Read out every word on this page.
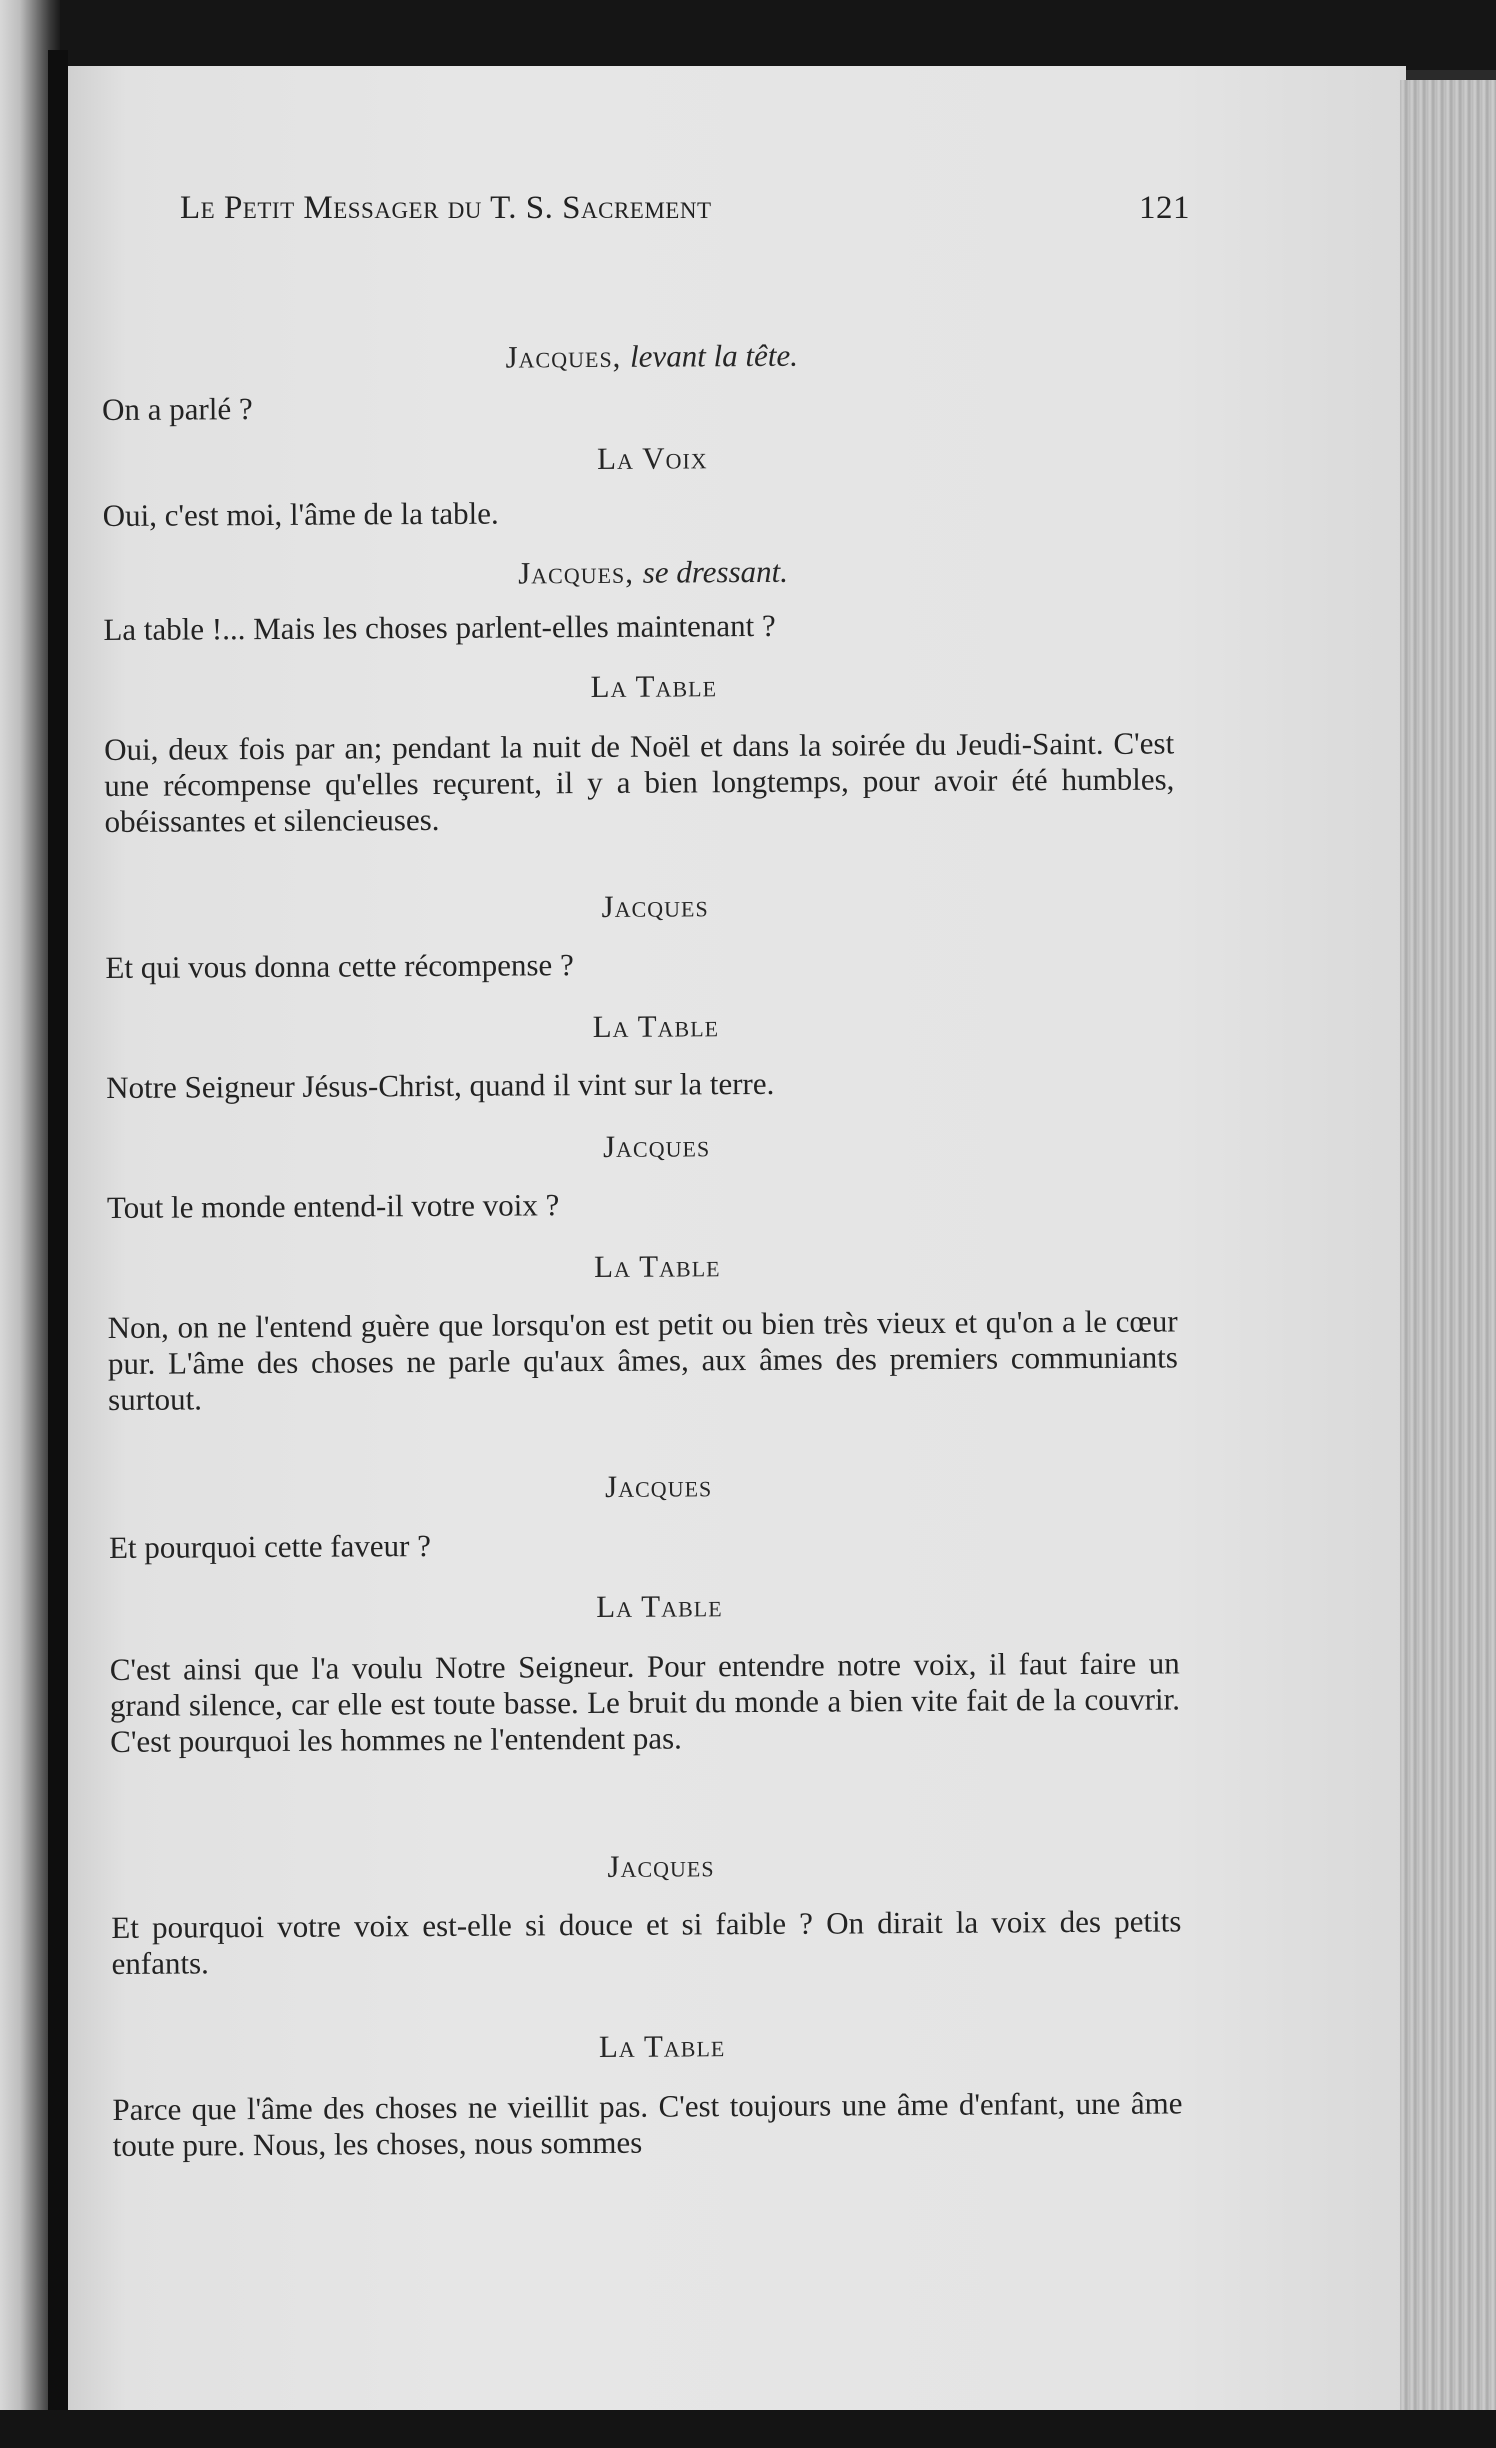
Le Petit Messager du T. S. Sacrement	121
Jacques, levant la tête.
On a parlé ?
La Voix
Oui, c'est moi, l'âme de la table.
Jacques, se dressant.
La table !... Mais les choses parlent-elles maintenant ?
La Table
Oui, deux fois par an; pendant la nuit de Noël et dans la soirée du Jeudi-Saint. C'est une récompense qu'elles reçurent, il y a bien longtemps, pour avoir été humbles, obéissantes et silencieuses.
Jacques
Et qui vous donna cette récompense ?
La Table
Notre Seigneur Jésus-Christ, quand il vint sur la terre.
Jacques
Tout le monde entend-il votre voix ?
La Table
Non, on ne l'entend guère que lorsqu'on est petit ou bien très vieux et qu'on a le cœur pur. L'âme des choses ne parle qu'aux âmes, aux âmes des premiers communiants surtout.
Jacques
Et pourquoi cette faveur ?
La Table
C'est ainsi que l'a voulu Notre Seigneur. Pour entendre notre voix, il faut faire un grand silence, car elle est toute basse. Le bruit du monde a bien vite fait de la couvrir. C'est pourquoi les hommes ne l'entendent pas.
Jacques
Et pourquoi votre voix est-elle si douce et si faible ? On dirait la voix des petits enfants.
La Table
Parce que l'âme des choses ne vieillit pas. C'est toujours une âme d'enfant, une âme toute pure. Nous, les choses, nous sommes
